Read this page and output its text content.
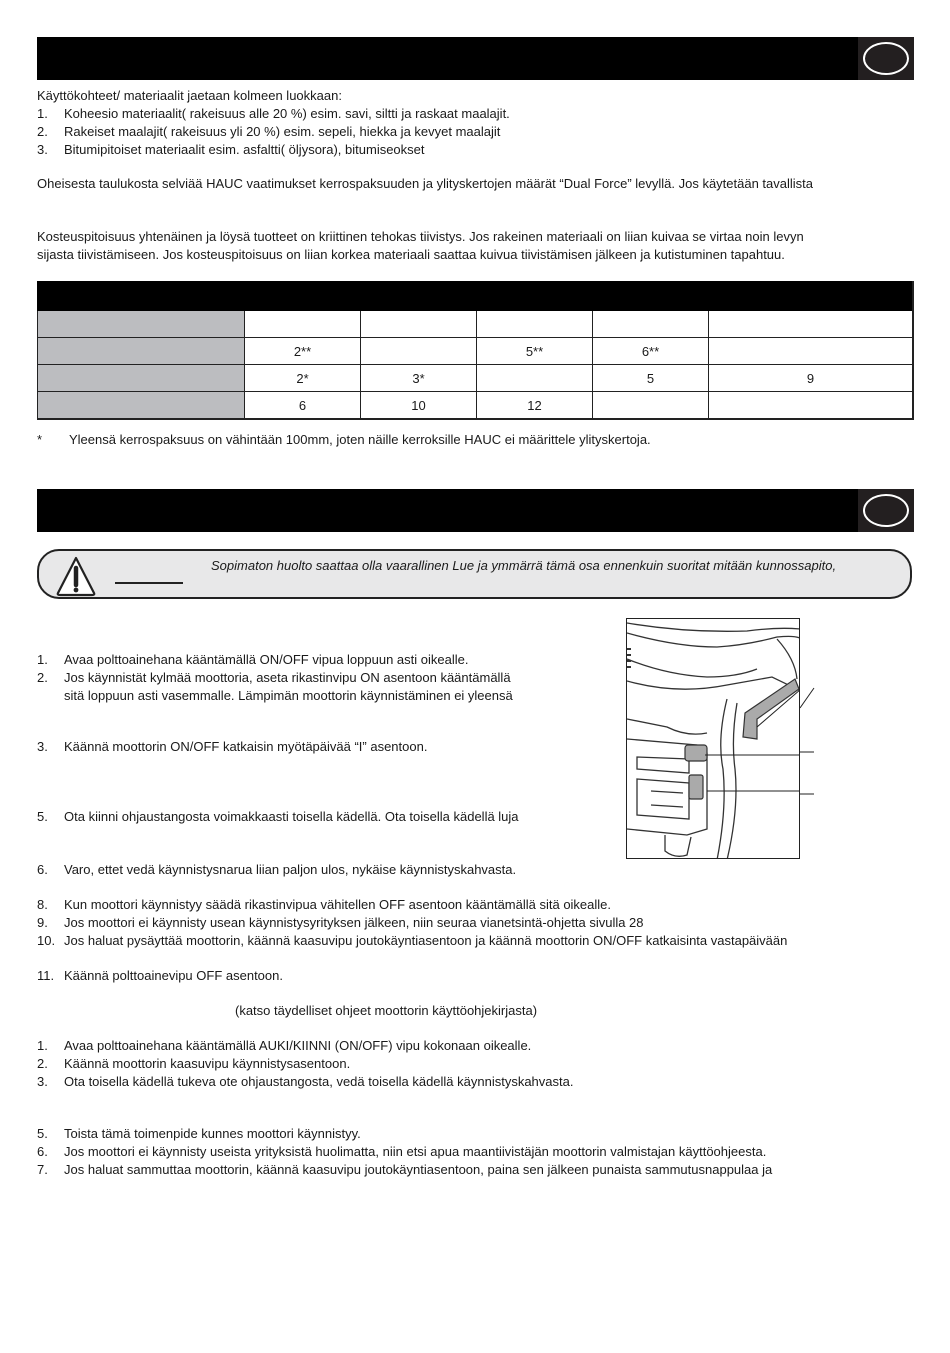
Käyttökohteet/ materiaalit jaetaan kolmeen luokkaan:
1. Koheesio materiaalit( rakeisuus alle 20 %) esim. savi, siltti ja raskaat maalajit.
2. Rakeiset maalajit( rakeisuus yli 20 %) esim. sepeli, hiekka ja kevyet maalajit
3. Bitumipitoiset materiaalit esim. asfaltti( öljysora), bitumiseokset
Oheisesta taulukosta selviää HAUC vaatimukset kerrospaksuuden ja ylityskertojen määrät “Dual Force” levyllä. Jos käytetään tavallista
Kosteuspitoisuus yhtenäinen ja löysä tuotteet on kriittinen tehokas tiivistys. Jos rakeinen materiaali on liian kuivaa se virtaa noin levyn
sijasta tiivistämiseen. Jos kosteuspitoisuus on liian korkea materiaali saattaa kuivua tiivistämisen jälkeen ja kutistuminen tapahtuu.

	2**		5**	6**	
	2*	3*		5	9
	6	10	12		
* Yleensä kerrospaksuus on vähintään 100mm, joten näille kerroksille HAUC ei määrittele ylityskertoja.
Sopimaton huolto saattaa olla vaarallinen Lue ja ymmärrä tämä osa ennenkuin suoritat mitään kunnossapito,
1. Avaa polttoainehana kääntämällä ON/OFF vipua loppuun asti oikealle.
2. Jos käynnistät kylmää moottoria, aseta rikastinvipu ON asentoon kääntämällä
sitä loppuun asti vasemmalle. Lämpimän moottorin käynnistäminen ei yleensä
3. Käännä moottorin ON/OFF katkaisin myötäpäivää “I” asentoon.
5. Ota kiinni ohjaustangosta voimakkaasti toisella kädellä. Ota toisella kädellä luja
6. Varo, ettet vedä käynnistysnarua liian paljon ulos, nykäise käynnistyskahvasta.
8. Kun moottori käynnistyy säädä rikastinvipua vähitellen OFF asentoon kääntämällä sitä oikealle.
9. Jos moottori ei käynnisty usean käynnistysyrityksen jälkeen, niin seuraa vianetsintä-ohjetta sivulla 28
10. Jos haluat pysäyttää moottorin, käännä kaasuvipu joutokäyntiasentoon ja käännä moottorin ON/OFF katkaisinta vastapäivään
11. Käännä polttoainevipu OFF asentoon.
(katso täydelliset ohjeet moottorin käyttöohjekirjasta)
1. Avaa polttoainehana kääntämällä AUKI/KIINNI (ON/OFF) vipu kokonaan oikealle.
2. Käännä moottorin kaasuvipu käynnistysasentoon.
3. Ota toisella kädellä tukeva ote ohjaustangosta, vedä toisella kädellä käynnistyskahvasta.
5. Toista tämä toimenpide kunnes moottori käynnistyy.
6. Jos moottori ei käynnisty useista yrityksistä huolimatta, niin etsi apua maantiivistäjän moottorin valmistajan käyttöohjeesta.
7. Jos haluat sammuttaa moottorin, käännä kaasuvipu joutokäyntiasentoon, paina sen jälkeen punaista sammutusnappulaa ja
